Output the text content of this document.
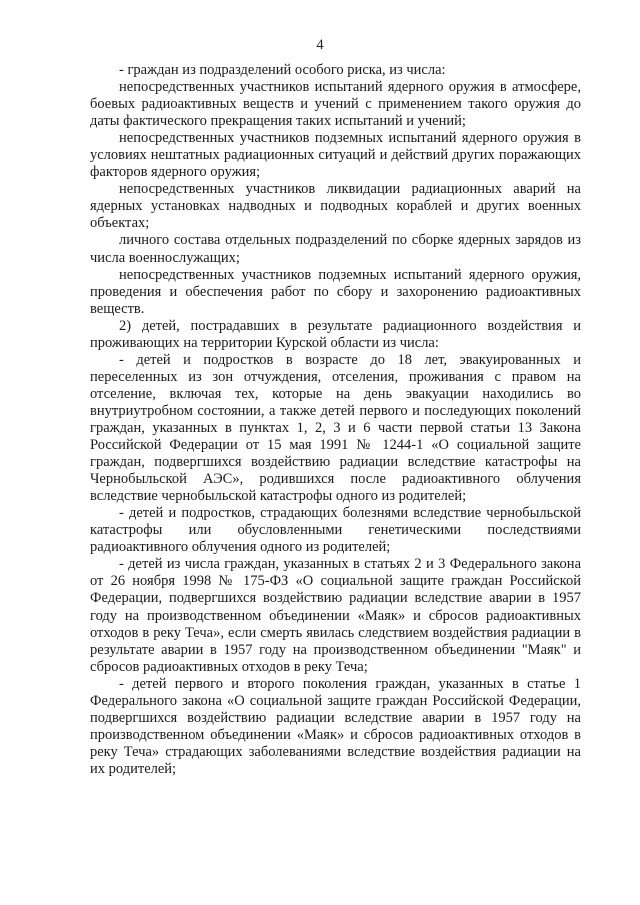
4

- граждан из подразделений особого риска, из числа:

непосредственных участников испытаний ядерного оружия в атмосфере, боевых радиоактивных веществ и учений с применением такого оружия до даты фактического прекращения таких испытаний и учений;

непосредственных участников подземных испытаний ядерного оружия в условиях нештатных радиационных ситуаций и действий других поражающих факторов ядерного оружия;

непосредственных участников ликвидации радиационных аварий на ядерных установках надводных и подводных кораблей и других военных объектах;

личного состава отдельных подразделений по сборке ядерных зарядов из числа военнослужащих;

непосредственных участников подземных испытаний ядерного оружия, проведения и обеспечения работ по сбору и захоронению радиоактивных веществ.

2) детей, пострадавших в результате радиационного воздействия и проживающих на территории Курской области из числа:

- детей и подростков в возрасте до 18 лет, эвакуированных и переселенных из зон отчуждения, отселения, проживания с правом на отселение, включая тех, которые на день эвакуации находились во внутриутробном состоянии, а также детей первого и последующих поколений граждан, указанных в пунктах 1, 2, 3 и 6 части первой статьи 13 Закона Российской Федерации от 15 мая 1991 № 1244-1 «О социальной защите граждан, подвергшихся воздействию радиации вследствие катастрофы на Чернобыльской АЭС», родившихся после радиоактивного облучения вследствие чернобыльской катастрофы одного из родителей;

- детей и подростков, страдающих болезнями вследствие чернобыльской катастрофы или обусловленными генетическими последствиями радиоактивного облучения одного из родителей;

- детей из числа граждан, указанных в статьях 2 и 3 Федерального закона от 26 ноября 1998 № 175-ФЗ «О социальной защите граждан Российской Федерации, подвергшихся воздействию радиации вследствие аварии в 1957 году на производственном объединении «Маяк» и сбросов радиоактивных отходов в реку Теча», если смерть явилась следствием воздействия радиации в результате аварии в 1957 году на производственном объединении "Маяк" и сбросов радиоактивных отходов в реку Теча;

- детей первого и второго поколения граждан, указанных в статье 1 Федерального закона «О социальной защите граждан Российской Федерации, подвергшихся воздействию радиации вследствие аварии в 1957 году на производственном объединении «Маяк» и сбросов радиоактивных отходов в реку Теча» страдающих заболеваниями вследствие воздействия радиации на их родителей;
